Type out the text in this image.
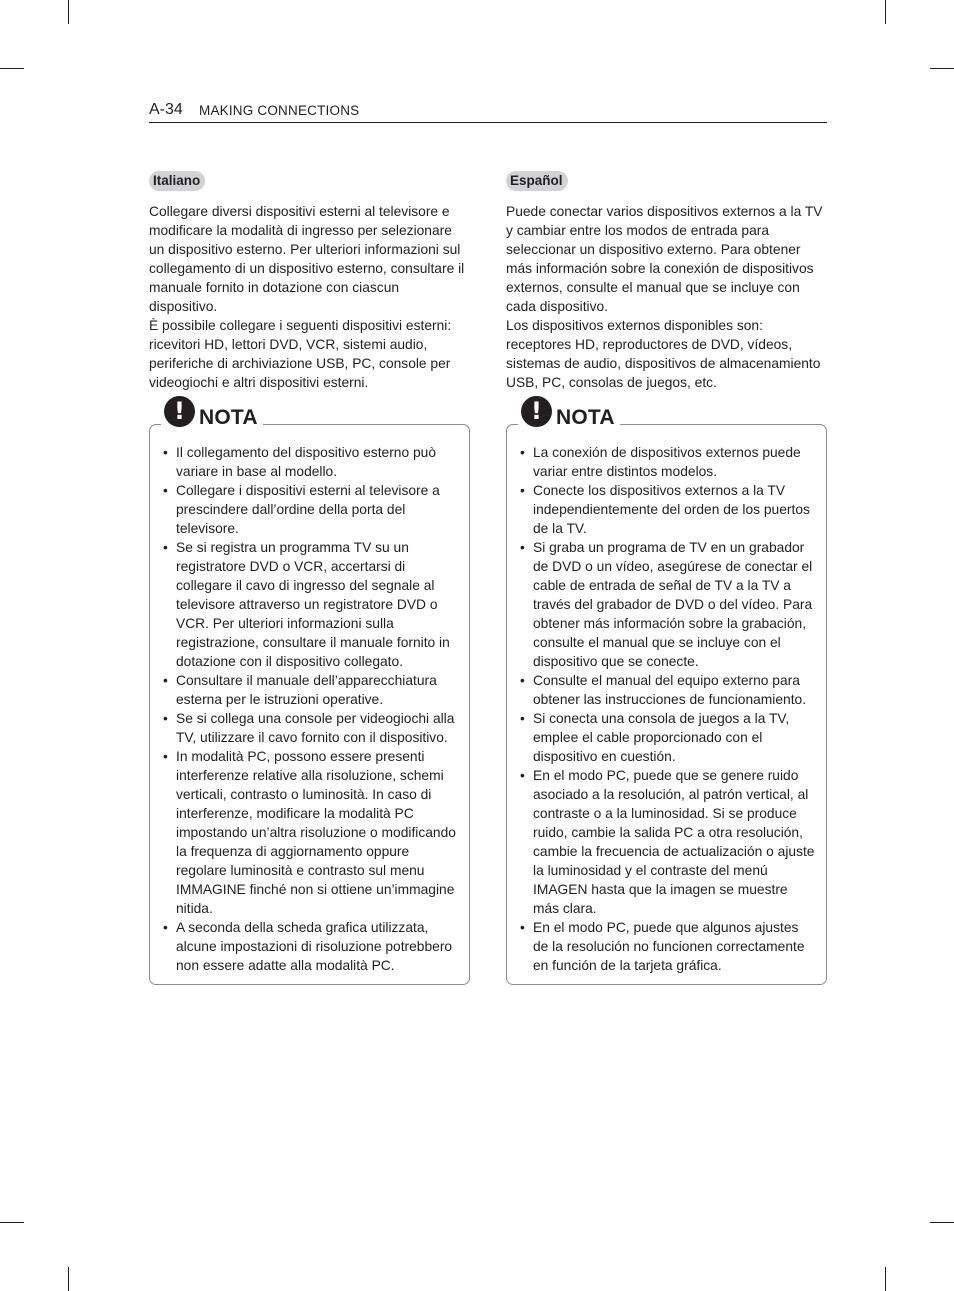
A-34 MAKING CONNECTIONS
Italiano

Collegare diversi dispositivi esterni al televisore e modificare la modalità di ingresso per selezionare un dispositivo esterno. Per ulteriori informazioni sul collegamento di un dispositivo esterno, consultare il manuale fornito in dotazione con ciascun dispositivo.

È possibile collegare i seguenti dispositivi esterni: ricevitori HD, lettori DVD, VCR, sistemi audio, periferiche di archiviazione USB, PC, console per videogiochi e altri dispositivi esterni.

! NOTA
• Il collegamento del dispositivo esterno può variare in base al modello.
• Collegare i dispositivi esterni al televisore a prescindere dall’ordine della porta del televisore.
• Se si registra un programma TV su un registratore DVD o VCR, accertarsi di collegare il cavo di ingresso del segnale al televisore attraverso un registratore DVD o VCR. Per ulteriori informazioni sulla registrazione, consultare il manuale fornito in dotazione con il dispositivo collegato.
• Consultare il manuale dell’apparecchiatura esterna per le istruzioni operative.
• Se si collega una console per videogiochi alla TV, utilizzare il cavo fornito con il dispositivo.
• In modalità PC, possono essere presenti interferenze relative alla risoluzione, schemi verticali, contrasto o luminosità. In caso di interferenze, modificare la modalità PC impostando un’altra risoluzione o modificando la frequenza di aggiornamento oppure regolare luminosità e contrasto sul menu IMMAGINE finché non si ottiene un’immagine nitida.
• A seconda della scheda grafica utilizzata, alcune impostazioni di risoluzione potrebbero non essere adatte alla modalità PC.
Español

Puede conectar varios dispositivos externos a la TV y cambiar entre los modos de entrada para seleccionar un dispositivo externo. Para obtener más información sobre la conexión de dispositivos externos, consulte el manual que se incluye con cada dispositivo.

Los dispositivos externos disponibles son: receptores HD, reproductores de DVD, vídeos, sistemas de audio, dispositivos de almacenamiento USB, PC, consolas de juegos, etc.

! NOTA
• La conexión de dispositivos externos puede variar entre distintos modelos.
• Conecte los dispositivos externos a la TV independientemente del orden de los puertos de la TV.
• Si graba un programa de TV en un grabador de DVD o un vídeo, asegúrese de conectar el cable de entrada de señal de TV a la TV a través del grabador de DVD o del vídeo. Para obtener más información sobre la grabación, consulte el manual que se incluye con el dispositivo que se conecte.
• Consulte el manual del equipo externo para obtener las instrucciones de funcionamiento.
• Si conecta una consola de juegos a la TV, emplee el cable proporcionado con el dispositivo en cuestión.
• En el modo PC, puede que se genere ruido asociado a la resolución, al patrón vertical, al contraste o a la luminosidad. Si se produce ruido, cambie la salida PC a otra resolución, cambie la frecuencia de actualización o ajuste la luminosidad y el contraste del menú IMAGEN hasta que la imagen se muestre más clara.
• En el modo PC, puede que algunos ajustes de la resolución no funcionen correctamente en función de la tarjeta gráfica.
